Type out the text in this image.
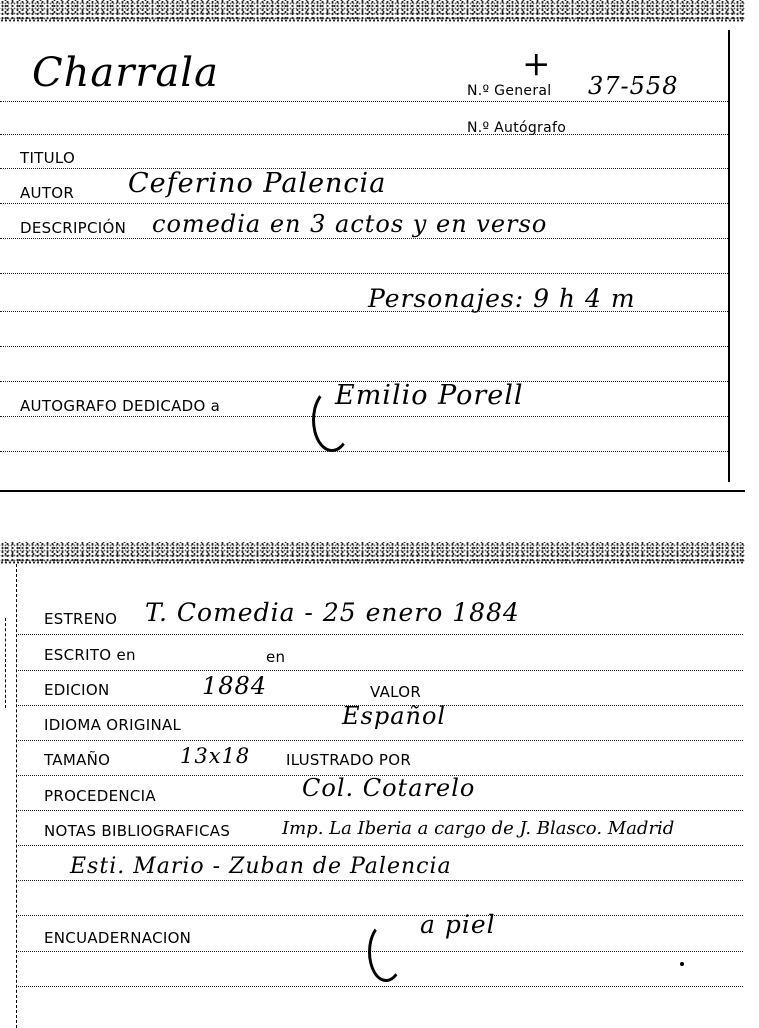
Charrala	+
N.º General 37-558
N.º Autógrafo
TITULO
AUTOR Ceferino Palencia
DESCRIPCIÓN comedia en 3 actos y en verso
Personajes: 9 h 4 m
AUTOGRAFO DEDICADO a	Emilio Porell
ESTRENO T. Comedia - 25 enero 1884
ESCRITO en	en
EDICION	1884	VALOR
IDIOMA ORIGINAL	Español
TAMAÑO	13x18 ILUSTRADO POR
PROCEDENCIA	Col. Cotarelo
NOTAS BIBLIOGRAFICAS	Imp. La Iberia a cargo de J. Blasco. Madrid
Esti. Mario - Zuban de Palencia
ENCUADERNACION	a piel
